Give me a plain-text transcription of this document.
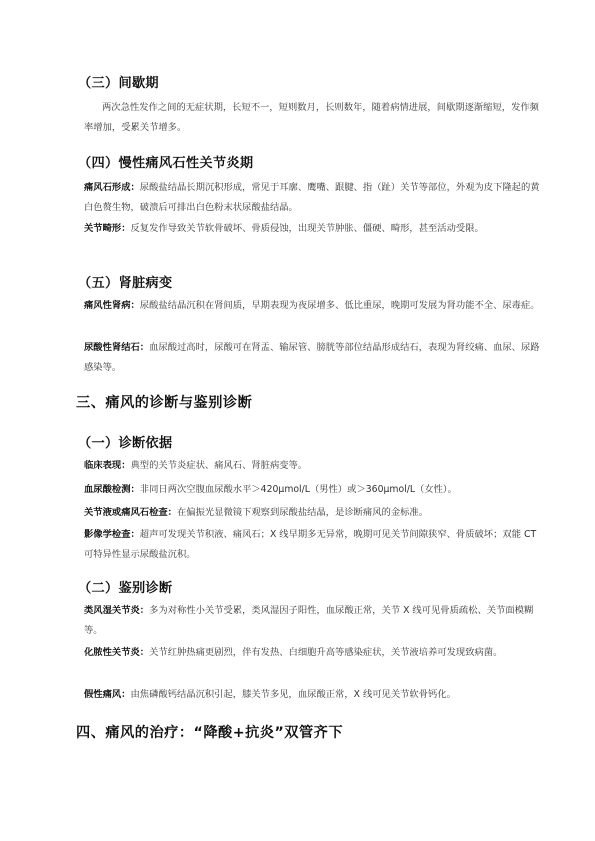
（三）间歇期
两次急性发作之间的无症状期，长短不一，短则数月，长则数年，随着病情进展，间歇期逐渐缩短，发作频率增加，受累关节增多。
（四）慢性痛风石性关节炎期
痛风石形成：尿酸盐结晶长期沉积形成，常见于耳廓、鹰嘴、跟腱、指（趾）关节等部位，外观为皮下隆起的黄白色赘生物，破溃后可排出白色粉末状尿酸盐结晶。
关节畸形：反复发作导致关节软骨破坏、骨质侵蚀，出现关节肿胀、僵硬、畸形，甚至活动受限。
（五）肾脏病变
痛风性肾病：尿酸盐结晶沉积在肾间质，早期表现为夜尿增多、低比重尿，晚期可发展为肾功能不全、尿毒症。
尿酸性肾结石：血尿酸过高时，尿酸可在肾盂、输尿管、膀胱等部位结晶形成结石，表现为肾绞痛、血尿、尿路感染等。
三、痛风的诊断与鉴别诊断
（一）诊断依据
临床表现：典型的关节炎症状、痛风石、肾脏病变等。
血尿酸检测：非同日两次空腹血尿酸水平＞420μmol/L（男性）或＞360μmol/L（女性）。
关节液或痛风石检查：在偏振光显微镜下观察到尿酸盐结晶，是诊断痛风的金标准。
影像学检查：超声可发现关节积液、痛风石；X 线早期多无异常，晚期可见关节间隙狭窄、骨质破坏；双能 CT 可特异性显示尿酸盐沉积。
（二）鉴别诊断
类风湿关节炎：多为对称性小关节受累，类风湿因子阳性，血尿酸正常，关节 X 线可见骨质疏松、关节面模糊等。
化脓性关节炎：关节红肿热痛更剧烈，伴有发热、白细胞升高等感染症状，关节液培养可发现致病菌。
假性痛风：由焦磷酸钙结晶沉积引起，膝关节多见，血尿酸正常，X 线可见关节软骨钙化。
四、痛风的治疗：“降酸+抗炎”双管齐下
